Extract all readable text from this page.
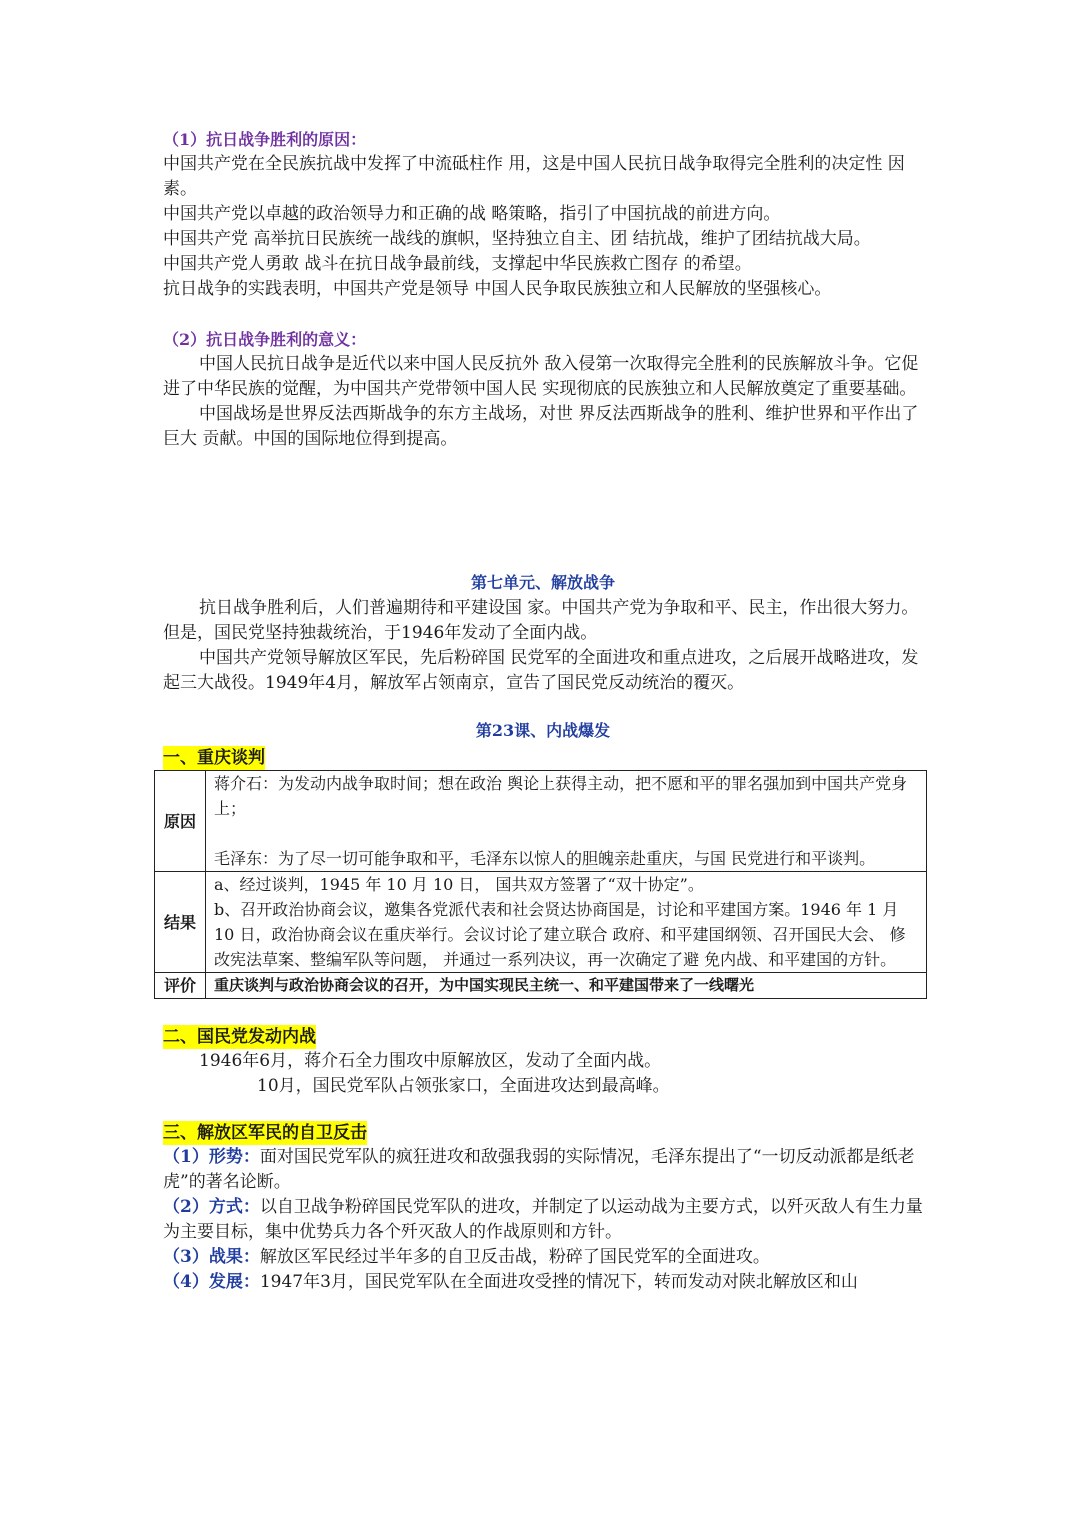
（1）抗日战争胜利的原因：

中国共产党在全民族抗战中发挥了中流砥柱作 用，这是中国人民抗日战争取得完全胜利的决定性 因素。

中国共产党以卓越的政治领导力和正确的战 略策略，指引了中国抗战的前进方向。

中国共产党 高举抗日民族统一战线的旗帜，坚持独立自主、团 结抗战，维护了团结抗战大局。

中国共产党人勇敢 战斗在抗日战争最前线，支撑起中华民族救亡图存 的希望。

抗日战争的实践表明，中国共产党是领导 中国人民争取民族独立和人民解放的坚强核心。

（2）抗日战争胜利的意义：

中国人民抗日战争是近代以来中国人民反抗外 敌入侵第一次取得完全胜利的民族解放斗争。它促 进了中华民族的觉醒，为中国共产党带领中国人民 实现彻底的民族独立和人民解放奠定了重要基础。

中国战场是世界反法西斯战争的东方主战场，对世 界反法西斯战争的胜利、维护世界和平作出了巨大 贡献。中国的国际地位得到提高。

第七单元、解放战争

抗日战争胜利后，人们普遍期待和平建设国 家。中国共产党为争取和平、民主，作出很大努力。但是，国民党坚持独裁统治，于1946年发动了全面内战。

中国共产党领导解放区军民，先后粉碎国 民党军的全面进攻和重点进攻，之后展开战略进攻，发起三大战役。1949年4月，解放军占领南京，宣告了国民党反动统治的覆灭。

第23课、内战爆发

一、重庆谈判
原因	蒋介石：为发动内战争取时间；想在政治 舆论上获得主动，把不愿和平的罪名强加到中国共产党身上；
毛泽东：为了尽一切可能争取和平，毛泽东以惊人的胆魄亲赴重庆，与国 民党进行和平谈判。

结果	a、经过谈判，1945 年 10 月 10 日， 国共双方签署了“双十协定”。
b、召开政治协商会议，邀集各党派代表和社会贤达协商国是，讨论和平建国方案。1946 年 1 月 10 日，政治协商会议在重庆举行。会议讨论了建立联合 政府、和平建国纲领、召开国民大会、 修改宪法草案、整编军队等问题， 并通过一系列决议，再一次确定了避 免内战、和平建国的方针。

评价	重庆谈判与政治协商会议的召开，为中国实现民主统一、和平建国带来了一线曙光
二、国民党发动内战

1946年6月，蒋介石全力围攻中原解放区，发动了全面内战。

10月，国民党军队占领张家口，全面进攻达到最高峰。

三、解放区军民的自卫反击

（1）形势：面对国民党军队的疯狂进攻和敌强我弱的实际情况，毛泽东提出了“一切反动派都是纸老虎”的著名论断。

（2）方式：以自卫战争粉碎国民党军队的进攻，并制定了以运动战为主要方式，以歼灭敌人有生力量为主要目标，集中优势兵力各个歼灭敌人的作战原则和方针。

（3）战果：解放区军民经过半年多的自卫反击战，粉碎了国民党军的全面进攻。

（4）发展：1947年3月，国民党军队在全面进攻受挫的情况下，转而发动对陕北解放区和山
